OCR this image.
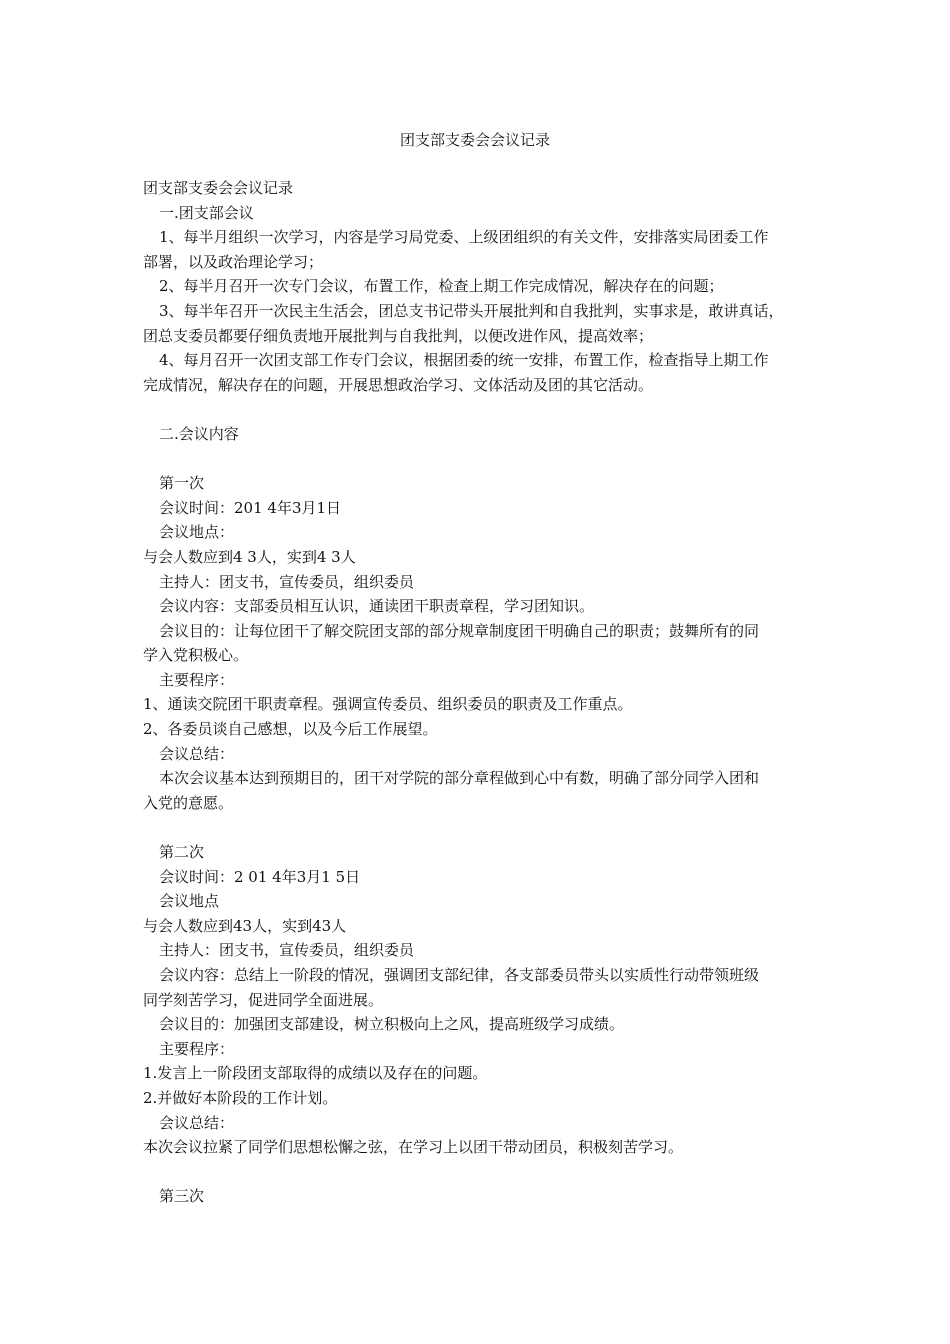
团支部支委会会议记录
团支部支委会会议记录
一.团支部会议
1、每半月组织一次学习，内容是学习局党委、上级团组织的有关文件，安排落实局团委工作
部署，以及政治理论学习；
2、每半月召开一次专门会议，布置工作，检查上期工作完成情况，解决存在的问题；
3、每半年召开一次民主生活会，团总支书记带头开展批判和自我批判，实事求是，敢讲真话，
团总支委员都要仔细负责地开展批判与自我批判，以便改进作风，提高效率；
4、每月召开一次团支部工作专门会议，根据团委的统一安排，布置工作，检查指导上期工作
完成情况，解决存在的问题，开展思想政治学习、文体活动及团的其它活动。
二.会议内容
第一次
会议时间：201 4年3月1日
会议地点：
与会人数应到4 3人，实到4 3人
主持人：团支书，宣传委员，组织委员
会议内容：支部委员相互认识，通读团干职责章程，学习团知识。
会议目的：让每位团干了解交院团支部的部分规章制度团干明确自己的职责；鼓舞所有的同
学入党积极心。
主要程序：
1、通读交院团干职责章程。强调宣传委员、组织委员的职责及工作重点。
2、各委员谈自己感想，以及今后工作展望。
会议总结：
本次会议基本达到预期目的，团干对学院的部分章程做到心中有数，明确了部分同学入团和
入党的意愿。
第二次
会议时间：2 01 4年3月1 5日
会议地点
与会人数应到43人，实到43人
主持人：团支书，宣传委员，组织委员
会议内容：总结上一阶段的情况，强调团支部纪律，各支部委员带头以实质性行动带领班级
同学刻苦学习，促进同学全面进展。
会议目的：加强团支部建设，树立积极向上之风，提高班级学习成绩。
主要程序：
1.发言上一阶段团支部取得的成绩以及存在的问题。
2.并做好本阶段的工作计划。
会议总结：
本次会议拉紧了同学们思想松懈之弦，在学习上以团干带动团员，积极刻苦学习。
第三次
